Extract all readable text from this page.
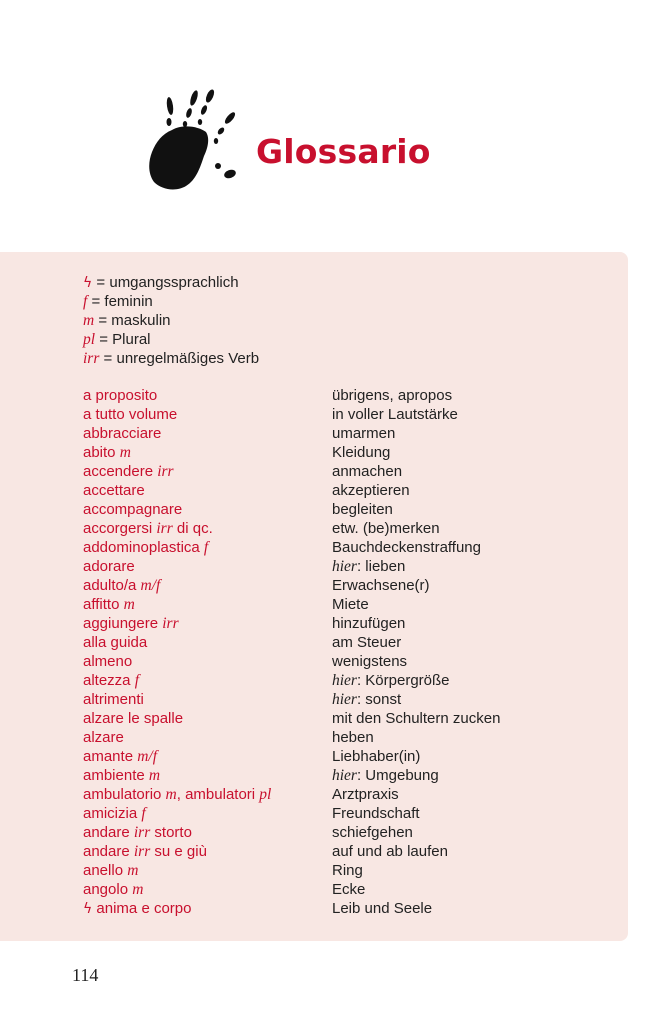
Glossario
ϟ = umgangssprachlich
f = feminin
m = maskulin
pl = Plural
irr = unregelmäßiges Verb
a proposito	übrigens, apropos
a tutto volume	in voller Lautstärke
abbracciare	umarmen
abito m	Kleidung
accendere irr	anmachen
accettare	akzeptieren
accompagnare	begleiten
accorgersi irr di qc.	etw. (be)merken
addominoplastica f	Bauchdeckenstraffung
adorare	hier: lieben
adulto/a m/f	Erwachsene(r)
affitto m	Miete
aggiungere irr	hinzufügen
alla guida	am Steuer
almeno	wenigstens
altezza f	hier: Körpergröße
altrimenti	hier: sonst
alzare le spalle	mit den Schultern zucken
alzare	heben
amante m/f	Liebhaber(in)
ambiente m	hier: Umgebung
ambulatorio m, ambulatori pl	Arztpraxis
amicizia f	Freundschaft
andare irr storto	schiefgehen
andare irr su e giù	auf und ab laufen
anello m	Ring
angolo m	Ecke
ϟ anima e corpo	Leib und Seele
114
